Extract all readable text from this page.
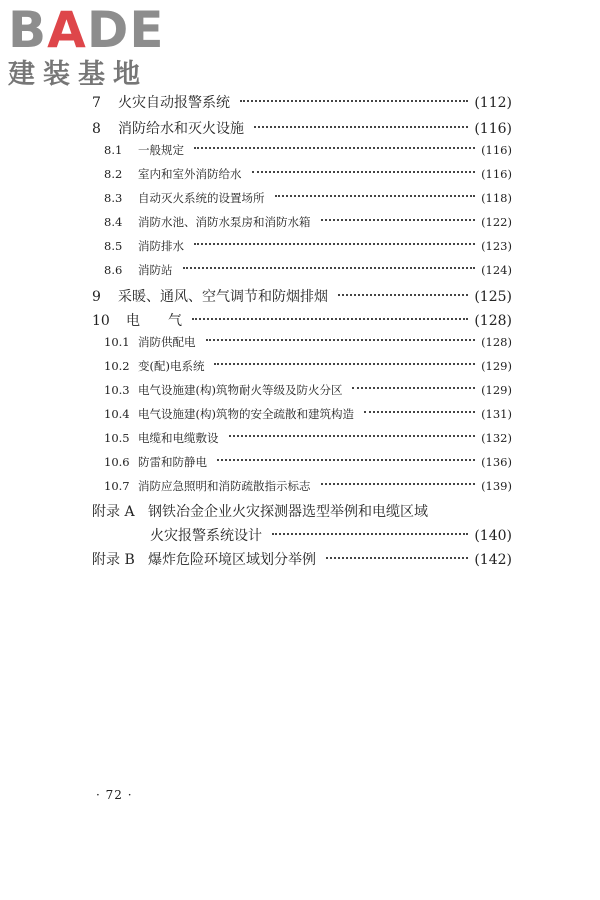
BADE
建装基地
7	火灾自动报警系统	(112)
8	消防给水和灭火设施	(116)
8.1	一般规定	(116)
8.2	室内和室外消防给水	(116)
8.3	自动灭火系统的设置场所	(118)
8.4	消防水池、消防水泵房和消防水箱	(122)
8.5	消防排水	(123)
8.6	消防站	(124)
9	采暖、通风、空气调节和防烟排烟	(125)
10	电　　气	(128)
10.1 消防供配电	(128)
10.2 变(配)电系统	(129)
10.3 电气设施建(构)筑物耐火等级及防火分区	(129)
10.4 电气设施建(构)筑物的安全疏散和建筑构造	(131)
10.5 电缆和电缆敷设	(132)
10.6 防雷和防静电	(136)
10.7 消防应急照明和消防疏散指示标志	(139)
附录 A 钢铁冶金企业火灾探测器选型举例和电缆区域
火灾报警系统设计	(140)
附录 B 爆炸危险环境区域划分举例	(142)
· 72 ·
